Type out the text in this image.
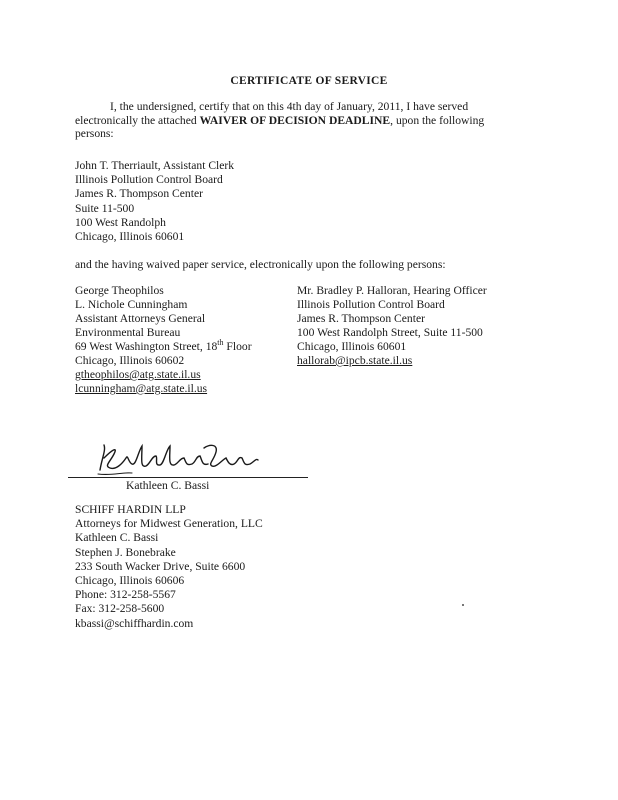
CERTIFICATE OF SERVICE
I, the undersigned, certify that on this 4th day of January, 2011, I have served
electronically the attached WAIVER OF DECISION DEADLINE, upon the following
persons:
John T. Therriault, Assistant Clerk
Illinois Pollution Control Board
James R. Thompson Center
Suite 11-500
100 West Randolph
Chicago, Illinois 60601
and the having waived paper service, electronically upon the following persons:
George Theophilos
L. Nichole Cunningham
Assistant Attorneys General
Environmental Bureau
69 West Washington Street, 18th Floor
Chicago, Illinois 60602
gtheophilos@atg.state.il.us
lcunningham@atg.state.il.us
Mr. Bradley P. Halloran, Hearing Officer
Illinois Pollution Control Board
James R. Thompson Center
100 West Randolph Street, Suite 11-500
Chicago, Illinois 60601
hallorab@ipcb.state.il.us
Kathleen C. Bassi
SCHIFF HARDIN LLP
Attorneys for Midwest Generation, LLC
Kathleen C. Bassi
Stephen J. Bonebrake
233 South Wacker Drive, Suite 6600
Chicago, Illinois 60606
Phone: 312-258-5567
Fax: 312-258-5600
kbassi@schiffhardin.com
